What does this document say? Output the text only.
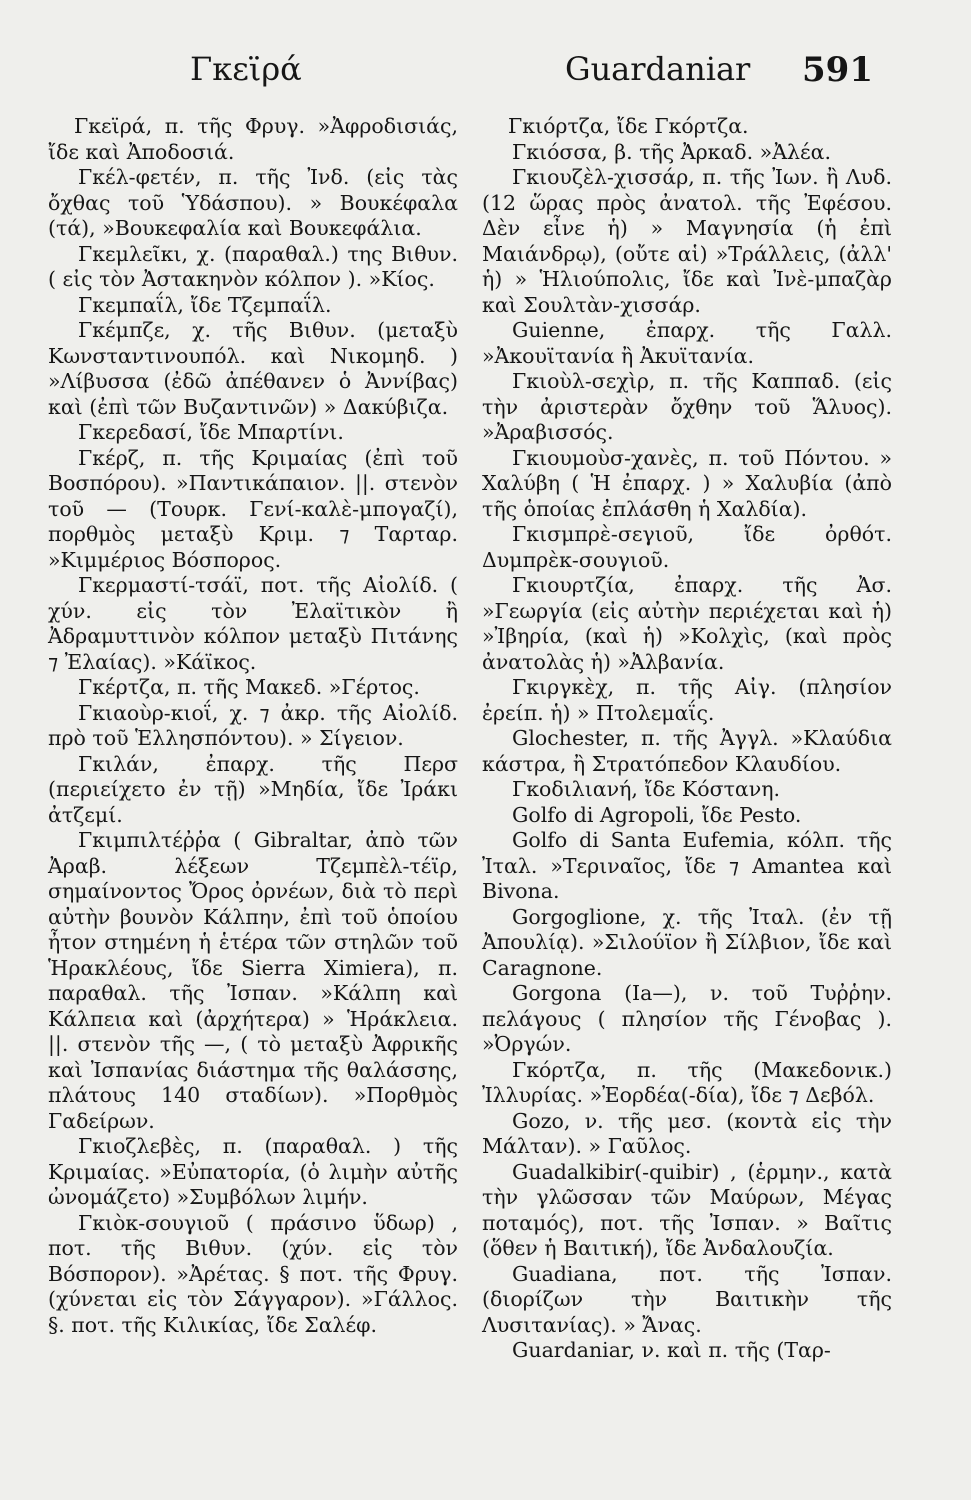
Γκεϊρά	Guardaniar 591

Γκεϊρά, π. τῆς Φρυγ. »Ἀφροδισιάς, ἴδε καὶ Ἀποδοσιά.

Γκέλ-φετέν, π. τῆς Ἰνδ. (εἰς τὰς ὄχθας τοῦ Ὑδάσπου). » Βουκέφαλα (τά), »Βουκεφαλία καὶ Βουκεφάλια.

Γκεμλεῖκι, χ. (παραθαλ.) της Βιθυν. ( εἰς τὸν Ἀστακηνὸν κόλπον ). »Κίος.

Γκεμπαΐλ, ἴδε Τζεμπαΐλ.

Γκέμπζε, χ. τῆς Βιθυν. (μεταξὺ Κωνσταντινουπόλ. καὶ Νικομηδ. ) »Λίβυσσα (ἐδῶ ἀπέθανεν ὁ Ἀννίβας) καὶ (ἐπὶ τῶν Βυζαντινῶν) » Δακύβιζα.

Γκερεδασί, ἴδε Μπαρτίνι.

Γκέρζ, π. τῆς Κριμαίας (ἐπὶ τοῦ Βοσπόρου). »Παντικάπαιον. ||. στενὸν τοῦ — (Τουρκ. Γενί-καλὲ-μπογαζί), πορθμὸς μεταξὺ Κριμ. ⁊ Ταρταρ. »Κιμμέριος Βόσπορος.

Γκερμαστί-τσάϊ, ποτ. τῆς Αἰολίδ. ( χύν. εἰς τὸν Ἐλαϊτικὸν ἢ Ἀδραμυττινὸν κόλπον μεταξὺ Πιτάνης ⁊ Ἐλαίας). »Κάϊκος.

Γκέρτζα, π. τῆς Μακεδ. »Γέρτος.

Γκιαοὺρ-κιοΐ, χ. ⁊ ἀκρ. τῆς Αἰολίδ. πρὸ τοῦ Ἑλλησπόντου). » Σίγειον.

Γκιλάν, ἐπαρχ. τῆς Περσ (περιείχετο ἐν τῇ) »Μηδία, ἴδε Ἰράκι ἀτζεμί.

Γκιμπιλτέῤῥα ( Gibraltar, ἀπὸ τῶν Ἀραβ. λέξεων Τζεμπὲλ-τέϊρ, σημαίνοντος Ὄρος ὀρνέων, διὰ τὸ περὶ αὐτὴν βουνὸν Κάλπην, ἐπὶ τοῦ ὁποίου ἦτον στημένη ἡ ἑτέρα τῶν στηλῶν τοῦ Ἡρακλέους, ἴδε Sierra Ximiera), π. παραθαλ. τῆς Ἰσπαν. »Κάλπη καὶ Κάλπεια καὶ (ἀρχήτερα) » Ἡράκλεια. ||. στενὸν τῆς —, ( τὸ μεταξὺ Ἀφρικῆς καὶ Ἰσπανίας διάστημα τῆς θαλάσσης, πλάτους 140 σταδίων). »Πορθμὸς Γαδείρων.

Γκιοζλεβὲς, π. (παραθαλ. ) τῆς Κριμαίας. »Εὐπατορία, (ὁ λιμὴν αὐτῆς ὠνομάζετο) »Συμβόλων λιμήν.

Γκιὸκ-σουγιοῦ ( πράσινο ὕδωρ) , ποτ. τῆς Βιθυν. (χύν. εἰς τὸν Βόσπορον). »Ἀρέτας. § ποτ. τῆς Φρυγ. (χύνεται εἰς τὸν Σάγγαρον). »Γάλλος. §. ποτ. τῆς Κιλικίας, ἴδε Σαλέφ.

Γκιόρτζα, ἴδε Γκόρτζα.

Γκιόσσα, β. τῆς Ἀρκαδ. »Ἀλέα.

Γκιουζὲλ-χισσάρ, π. τῆς Ἰων. ἢ Λυδ. (12 ὥρας πρὸς ἀνατολ. τῆς Ἐφέσου. Δὲν εἶνε ἡ) » Μαγνησία (ἡ ἐπὶ Μαιάνδρῳ), (οὔτε αἱ) »Τράλλεις, (ἀλλ' ἡ) » Ἡλιούπολις, ἴδε καὶ Ἰνὲ-μπαζὰρ καὶ Σουλτὰν-χισσάρ.

Guienne, ἐπαρχ. τῆς Γαλλ. »Ἀκουϊτανία ἢ Ἀκυϊτανία.

Γκιοὺλ-σεχὶρ, π. τῆς Καππαδ. (εἰς τὴν ἀριστερὰν ὄχθην τοῦ Ἅλυος). »Ἀραβισσός.

Γκιουμοὺσ-χανὲς, π. τοῦ Πόντου. » Χαλύβη ( Ἡ ἐπαρχ. ) » Χαλυβία (ἀπὸ τῆς ὁποίας ἐπλάσθη ἡ Χαλδία).

Γκισμπρὲ-σεγιοῦ, ἴδε ὀρθότ. Δυμπρὲκ-σουγιοῦ.

Γκιουρτζία, ἐπαρχ. τῆς Ἀσ. »Γεωργία (εἰς αὐτὴν περιέχεται καὶ ἡ) »Ἰβηρία, (καὶ ἡ) »Κολχὶς, (καὶ πρὸς ἀνατολὰς ἡ) »Ἀλβανία.

Γκιργκὲχ, π. τῆς Αἰγ. (πλησίον ἐρείπ. ἡ) » Πτολεμαΐς.

Glochester, π. τῆς Ἀγγλ. »Κλαύδια κάστρα, ἢ Στρατόπεδον Κλαυδίου.

Γκοδιλιανή, ἴδε Κόστανη.

Golfo di Agropoli, ἴδε Pesto.

Golfo di Santa Eufemia, κόλπ. τῆς Ἰταλ. »Τεριναῖος, ἴδε ⁊ Amantea καὶ Bivona.

Gorgoglione, χ. τῆς Ἰταλ. (ἐν τῇ Ἀπουλίᾳ). »Σιλούϊον ἢ Σίλβιον, ἴδε καὶ Caragnone.

Gorgona (Ia—), ν. τοῦ Τυῤῥην. πελάγους ( πλησίον τῆς Γένοβας ). »Ὀργών.

Γκόρτζα, π. τῆς (Μακεδονικ.) Ἰλλυρίας. »Ἐορδέα(-δία), ἴδε ⁊ Δεβόλ.

Gozo, ν. τῆς μεσ. (κοντὰ εἰς τὴν Μάλταν). » Γαῦλος.

Guadalkibir(-quibir) , (ἑρμην., κατὰ τὴν γλῶσσαν τῶν Μαύρων, Μέγας ποταμός), ποτ. τῆς Ἰσπαν. » Βαῖτις (ὅθεν ἡ Βαιτική), ἴδε Ἀνδαλουζία.

Guadiana, ποτ. τῆς Ἰσπαν. (διορίζων τὴν Βαιτικὴν τῆς Λυσιτανίας). » Ἄνας.

Guardaniar, ν. καὶ π. τῆς (Ταρ-
